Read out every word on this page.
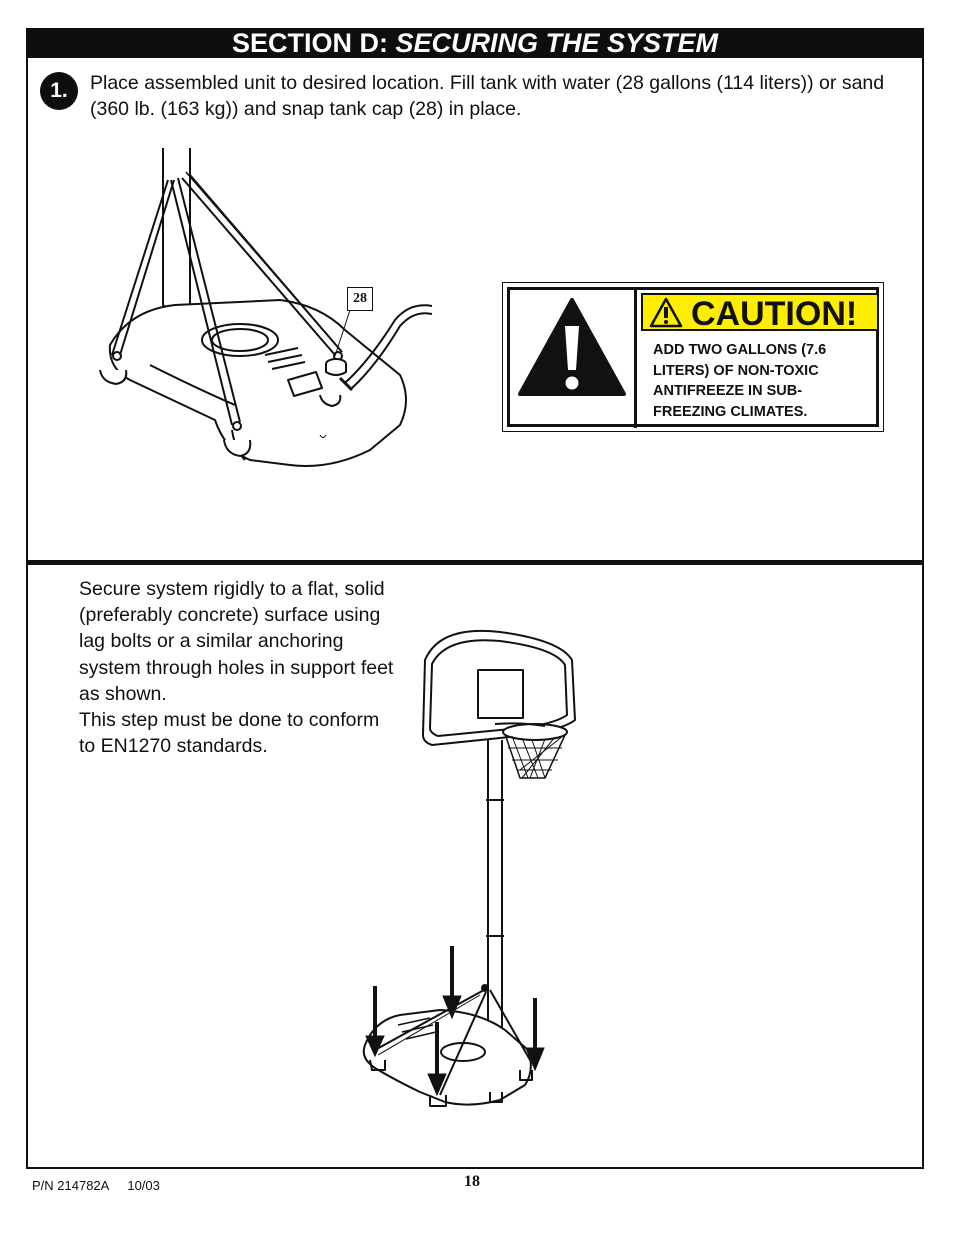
SECTION D: SECURING THE SYSTEM
1.	Place assembled unit to desired location. Fill tank with water (28 gallons (114 liters)) or sand (360 lb. (163 kg)) and snap tank cap (28) in place.
28	CAUTION!
ADD TWO GALLONS (7.6 LITERS) OF NON-TOXIC ANTIFREEZE IN SUB-FREEZING CLIMATES.
Secure system rigidly to a flat, solid (preferably concrete) surface using lag bolts or a similar anchoring system through holes in support feet as shown.
This step must be done to conform to EN1270 standards.
P/N 214782A 10/03	18
